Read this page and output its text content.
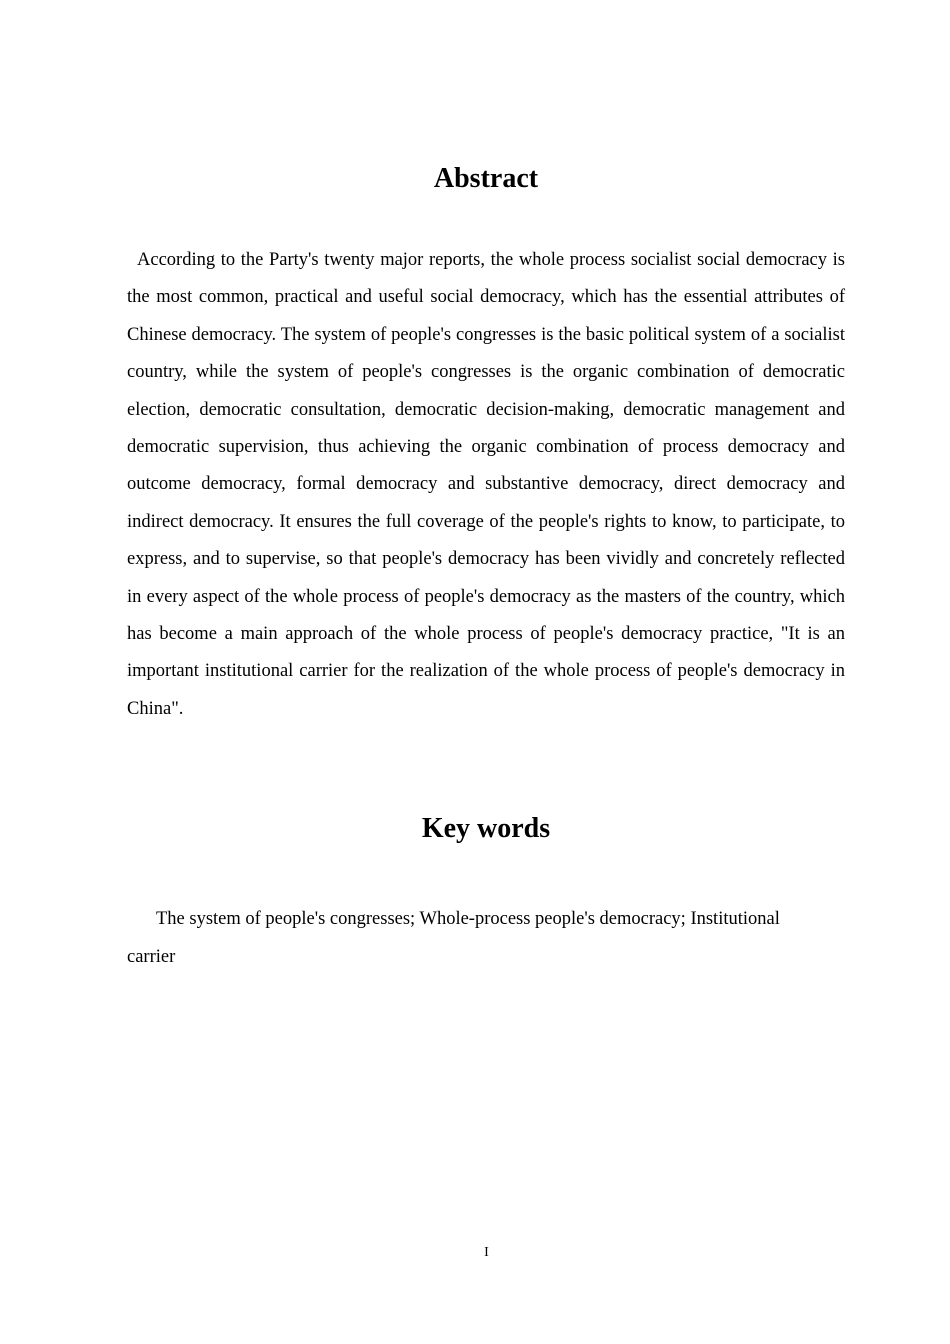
Abstract

According to the Party's twenty major reports, the whole process socialist social democracy is the most common, practical and useful social democracy, which has the essential attributes of Chinese democracy. The system of people's congresses is the basic political system of a socialist country, while the system of people's congresses is the organic combination of democratic election, democratic consultation, democratic decision-making, democratic management and democratic supervision, thus achieving the organic combination of process democracy and outcome democracy, formal democracy and substantive democracy, direct democracy and indirect democracy. It ensures the full coverage of the people's rights to know, to participate, to express, and to supervise, so that people's democracy has been vividly and concretely reflected in every aspect of the whole process of people's democracy as the masters of the country, which has become a main approach of the whole process of people's democracy practice, "It is an important institutional carrier for the realization of the whole process of people's democracy in China".

Key words

The system of people's congresses; Whole-process people's democracy; Institutional carrier

I
